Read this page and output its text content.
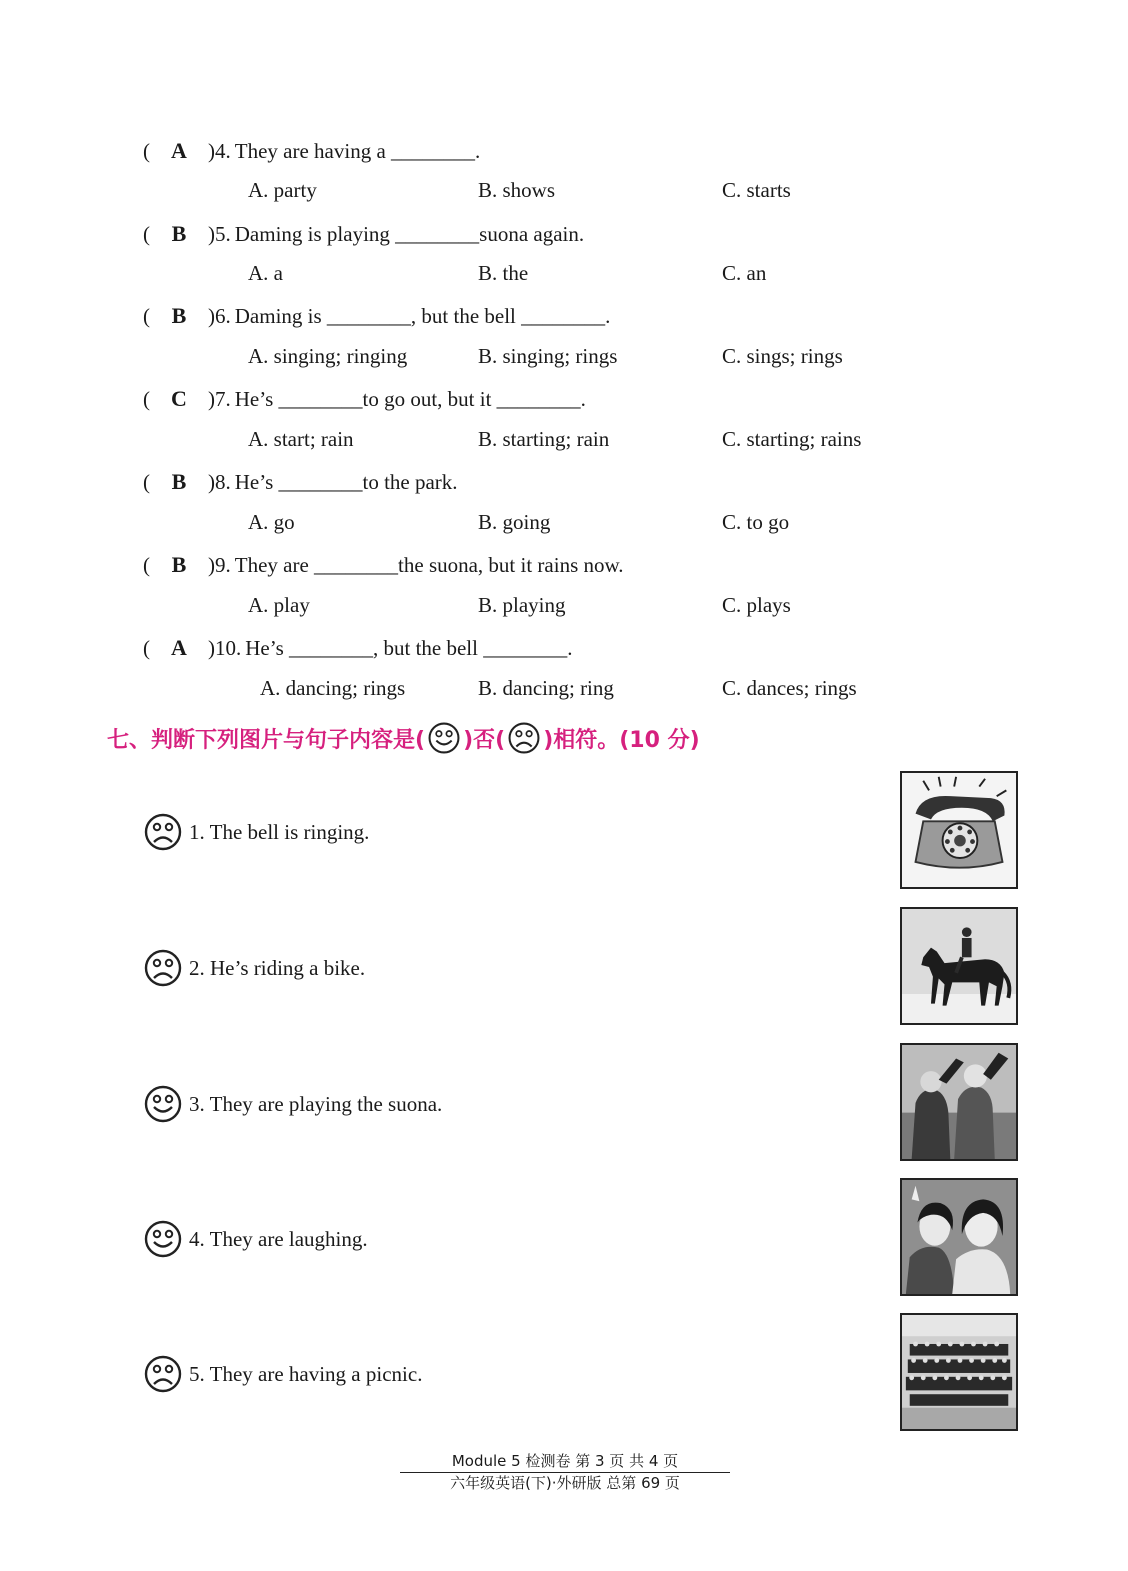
( A	) 4 . They are having a ________.
A. party	B. shows	C. starts
( B	) 5 . Daming is playing ________suona again.
A. a	B. the	C. an
( B	) 6 . Daming is ________, but the bell ________.
A. singing; ringing	B. singing; rings	C. sings; rings
( C	) 7 . He’s ________to go out, but it ________.
A. start; rain	B. starting; rain	C. starting; rains
( B	) 8 . He’s ________to the park.
A. go	B. going	C. to go
( B	) 9 . They are ________the suona, but it rains now.
A. play	B. playing	C. plays
( A	) 10 . He’s ________, but the bell ________.
A. dancing; rings	B. dancing; ring	C. dances; rings
七、判断下列图片与句子内容是( )否( )相符。(10 分)
1. The bell is ringing.
2. He’s riding a bike.
3. They are playing the suona.
4. They are laughing.
5. They are having a picnic.
Module 5 检测卷 第 3 页 共 4 页
六年级英语(下)·外研版 总第 69 页
